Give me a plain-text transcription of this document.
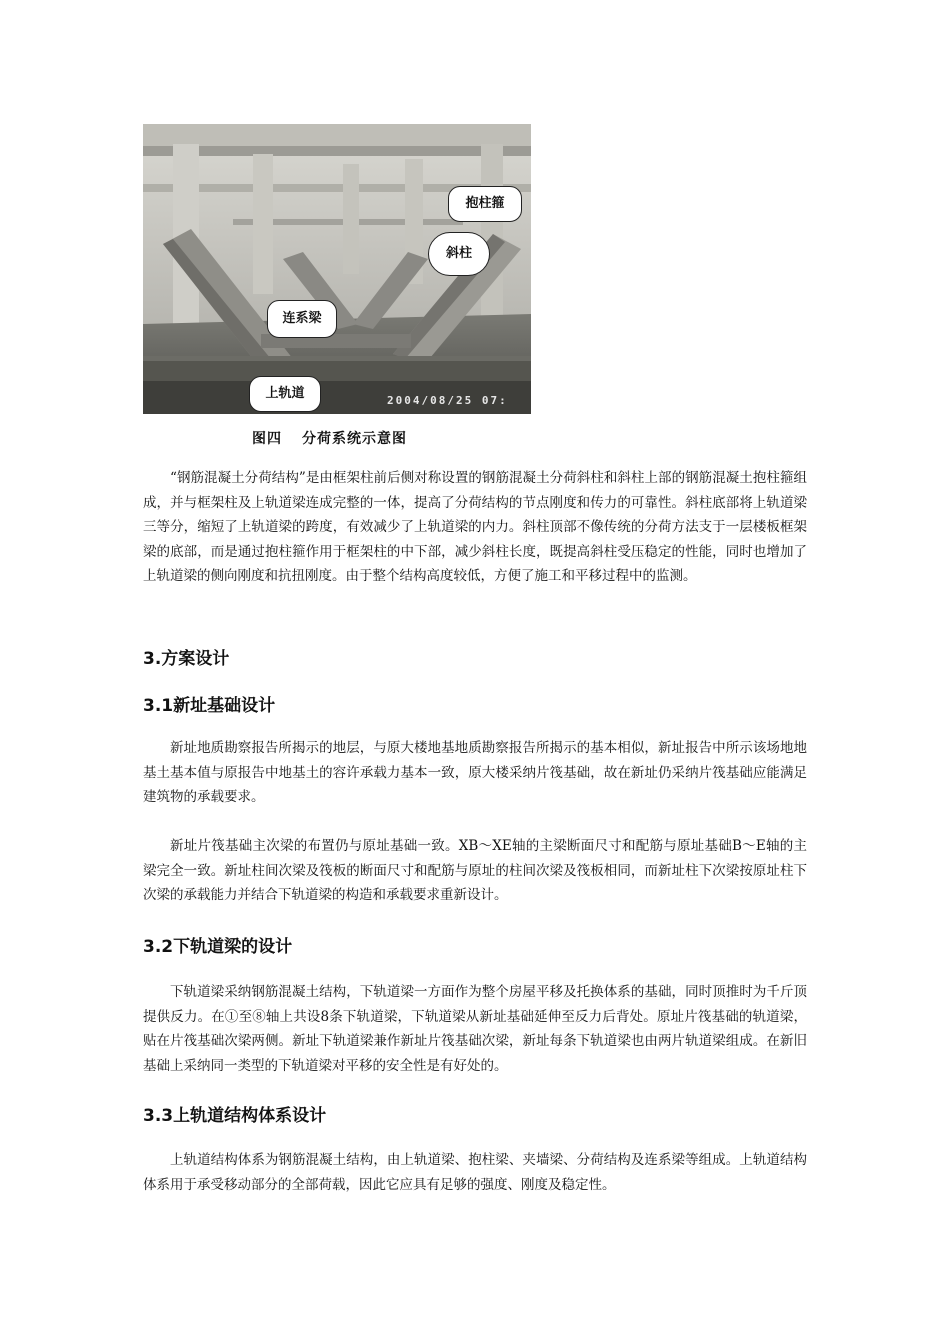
抱柱箍
斜柱
连系梁
上轨道	2004/08/25 07:
图四 分荷系统示意图

“钢筋混凝土分荷结构”是由框架柱前后侧对称设置的钢筋混凝土分荷斜柱和斜柱上部的钢筋混凝土抱柱箍组成，并与框架柱及上轨道梁连成完整的一体，提高了分荷结构的节点刚度和传力的可靠性。斜柱底部将上轨道梁三等分，缩短了上轨道梁的跨度，有效减少了上轨道梁的内力。斜柱顶部不像传统的分荷方法支于一层楼板框架梁的底部，而是通过抱柱箍作用于框架柱的中下部，减少斜柱长度，既提高斜柱受压稳定的性能，同时也增加了上轨道梁的侧向刚度和抗扭刚度。由于整个结构高度较低，方便了施工和平移过程中的监测。

3.方案设计
3.1新址基础设计

新址地质勘察报告所揭示的地层，与原大楼地基地质勘察报告所揭示的基本相似，新址报告中所示该场地地基土基本值与原报告中地基土的容许承载力基本一致，原大楼采纳片筏基础，故在新址仍采纳片筏基础应能满足建筑物的承载要求。

新址片筏基础主次梁的布置仍与原址基础一致。XB～XE轴的主梁断面尺寸和配筋与原址基础B～E轴的主梁完全一致。新址柱间次梁及筏板的断面尺寸和配筋与原址的柱间次梁及筏板相同，而新址柱下次梁按原址柱下次梁的承载能力并结合下轨道梁的构造和承载要求重新设计。

3.2下轨道梁的设计

下轨道梁采纳钢筋混凝土结构，下轨道梁一方面作为整个房屋平移及托换体系的基础，同时顶推时为千斤顶提供反力。在①至⑧轴上共设8条下轨道梁，下轨道梁从新址基础延伸至反力后背处。原址片筏基础的轨道梁，贴在片筏基础次梁两侧。新址下轨道梁兼作新址片筏基础次梁，新址每条下轨道梁也由两片轨道梁组成。在新旧基础上采纳同一类型的下轨道梁对平移的安全性是有好处的。

3.3上轨道结构体系设计

上轨道结构体系为钢筋混凝土结构，由上轨道梁、抱柱梁、夹墙梁、分荷结构及连系梁等组成。上轨道结构体系用于承受移动部分的全部荷载，因此它应具有足够的强度、刚度及稳定性。
